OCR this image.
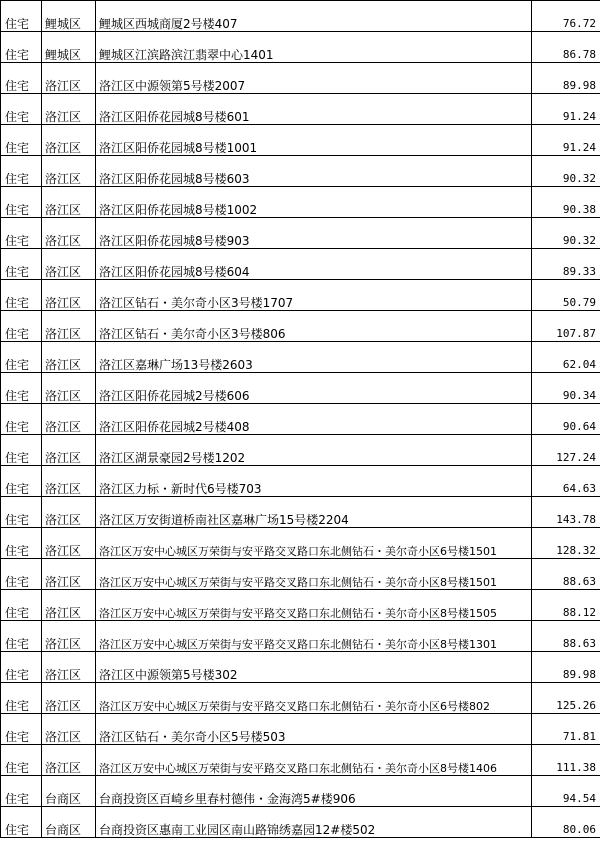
住宅	鲤城区	鲤城区西城商厦2号楼407	76.72
住宅	鲤城区	鲤城区江滨路滨江翡翠中心1401	86.78
住宅	洛江区	洛江区中源领第5号楼2007	89.98
住宅	洛江区	洛江区阳侨花园城8号楼601	91.24
住宅	洛江区	洛江区阳侨花园城8号楼1001	91.24
住宅	洛江区	洛江区阳侨花园城8号楼603	90.32
住宅	洛江区	洛江区阳侨花园城8号楼1002	90.38
住宅	洛江区	洛江区阳侨花园城8号楼903	90.32
住宅	洛江区	洛江区阳侨花园城8号楼604	89.33
住宅	洛江区	洛江区钻石・美尔奇小区3号楼1707	50.79
住宅	洛江区	洛江区钻石・美尔奇小区3号楼806	107.87
住宅	洛江区	洛江区嘉琳广场13号楼2603	62.04
住宅	洛江区	洛江区阳侨花园城2号楼606	90.34
住宅	洛江区	洛江区阳侨花园城2号楼408	90.64
住宅	洛江区	洛江区湖景豪园2号楼1202	127.24
住宅	洛江区	洛江区力标・新时代6号楼703	64.63
住宅	洛江区	洛江区万安街道桥南社区嘉琳广场15号楼2204	143.78
住宅	洛江区	洛江区万安中心城区万荣街与安平路交叉路口东北侧钻石・美尔奇小区6号楼1501	128.32
住宅	洛江区	洛江区万安中心城区万荣街与安平路交叉路口东北侧钻石・美尔奇小区8号楼1501	88.63
住宅	洛江区	洛江区万安中心城区万荣街与安平路交叉路口东北侧钻石・美尔奇小区8号楼1505	88.12
住宅	洛江区	洛江区万安中心城区万荣街与安平路交叉路口东北侧钻石・美尔奇小区8号楼1301	88.63
住宅	洛江区	洛江区中源领第5号楼302	89.98
住宅	洛江区	洛江区万安中心城区万荣街与安平路交叉路口东北侧钻石・美尔奇小区6号楼802	125.26
住宅	洛江区	洛江区钻石・美尔奇小区5号楼503	71.81
住宅	洛江区	洛江区万安中心城区万荣街与安平路交叉路口东北侧钻石・美尔奇小区8号楼1406	111.38
住宅	台商区	台商投资区百崎乡里春村德伟・金海湾5#楼906	94.54
住宅	台商区	台商投资区惠南工业园区南山路锦绣嘉园12#楼502	80.06
